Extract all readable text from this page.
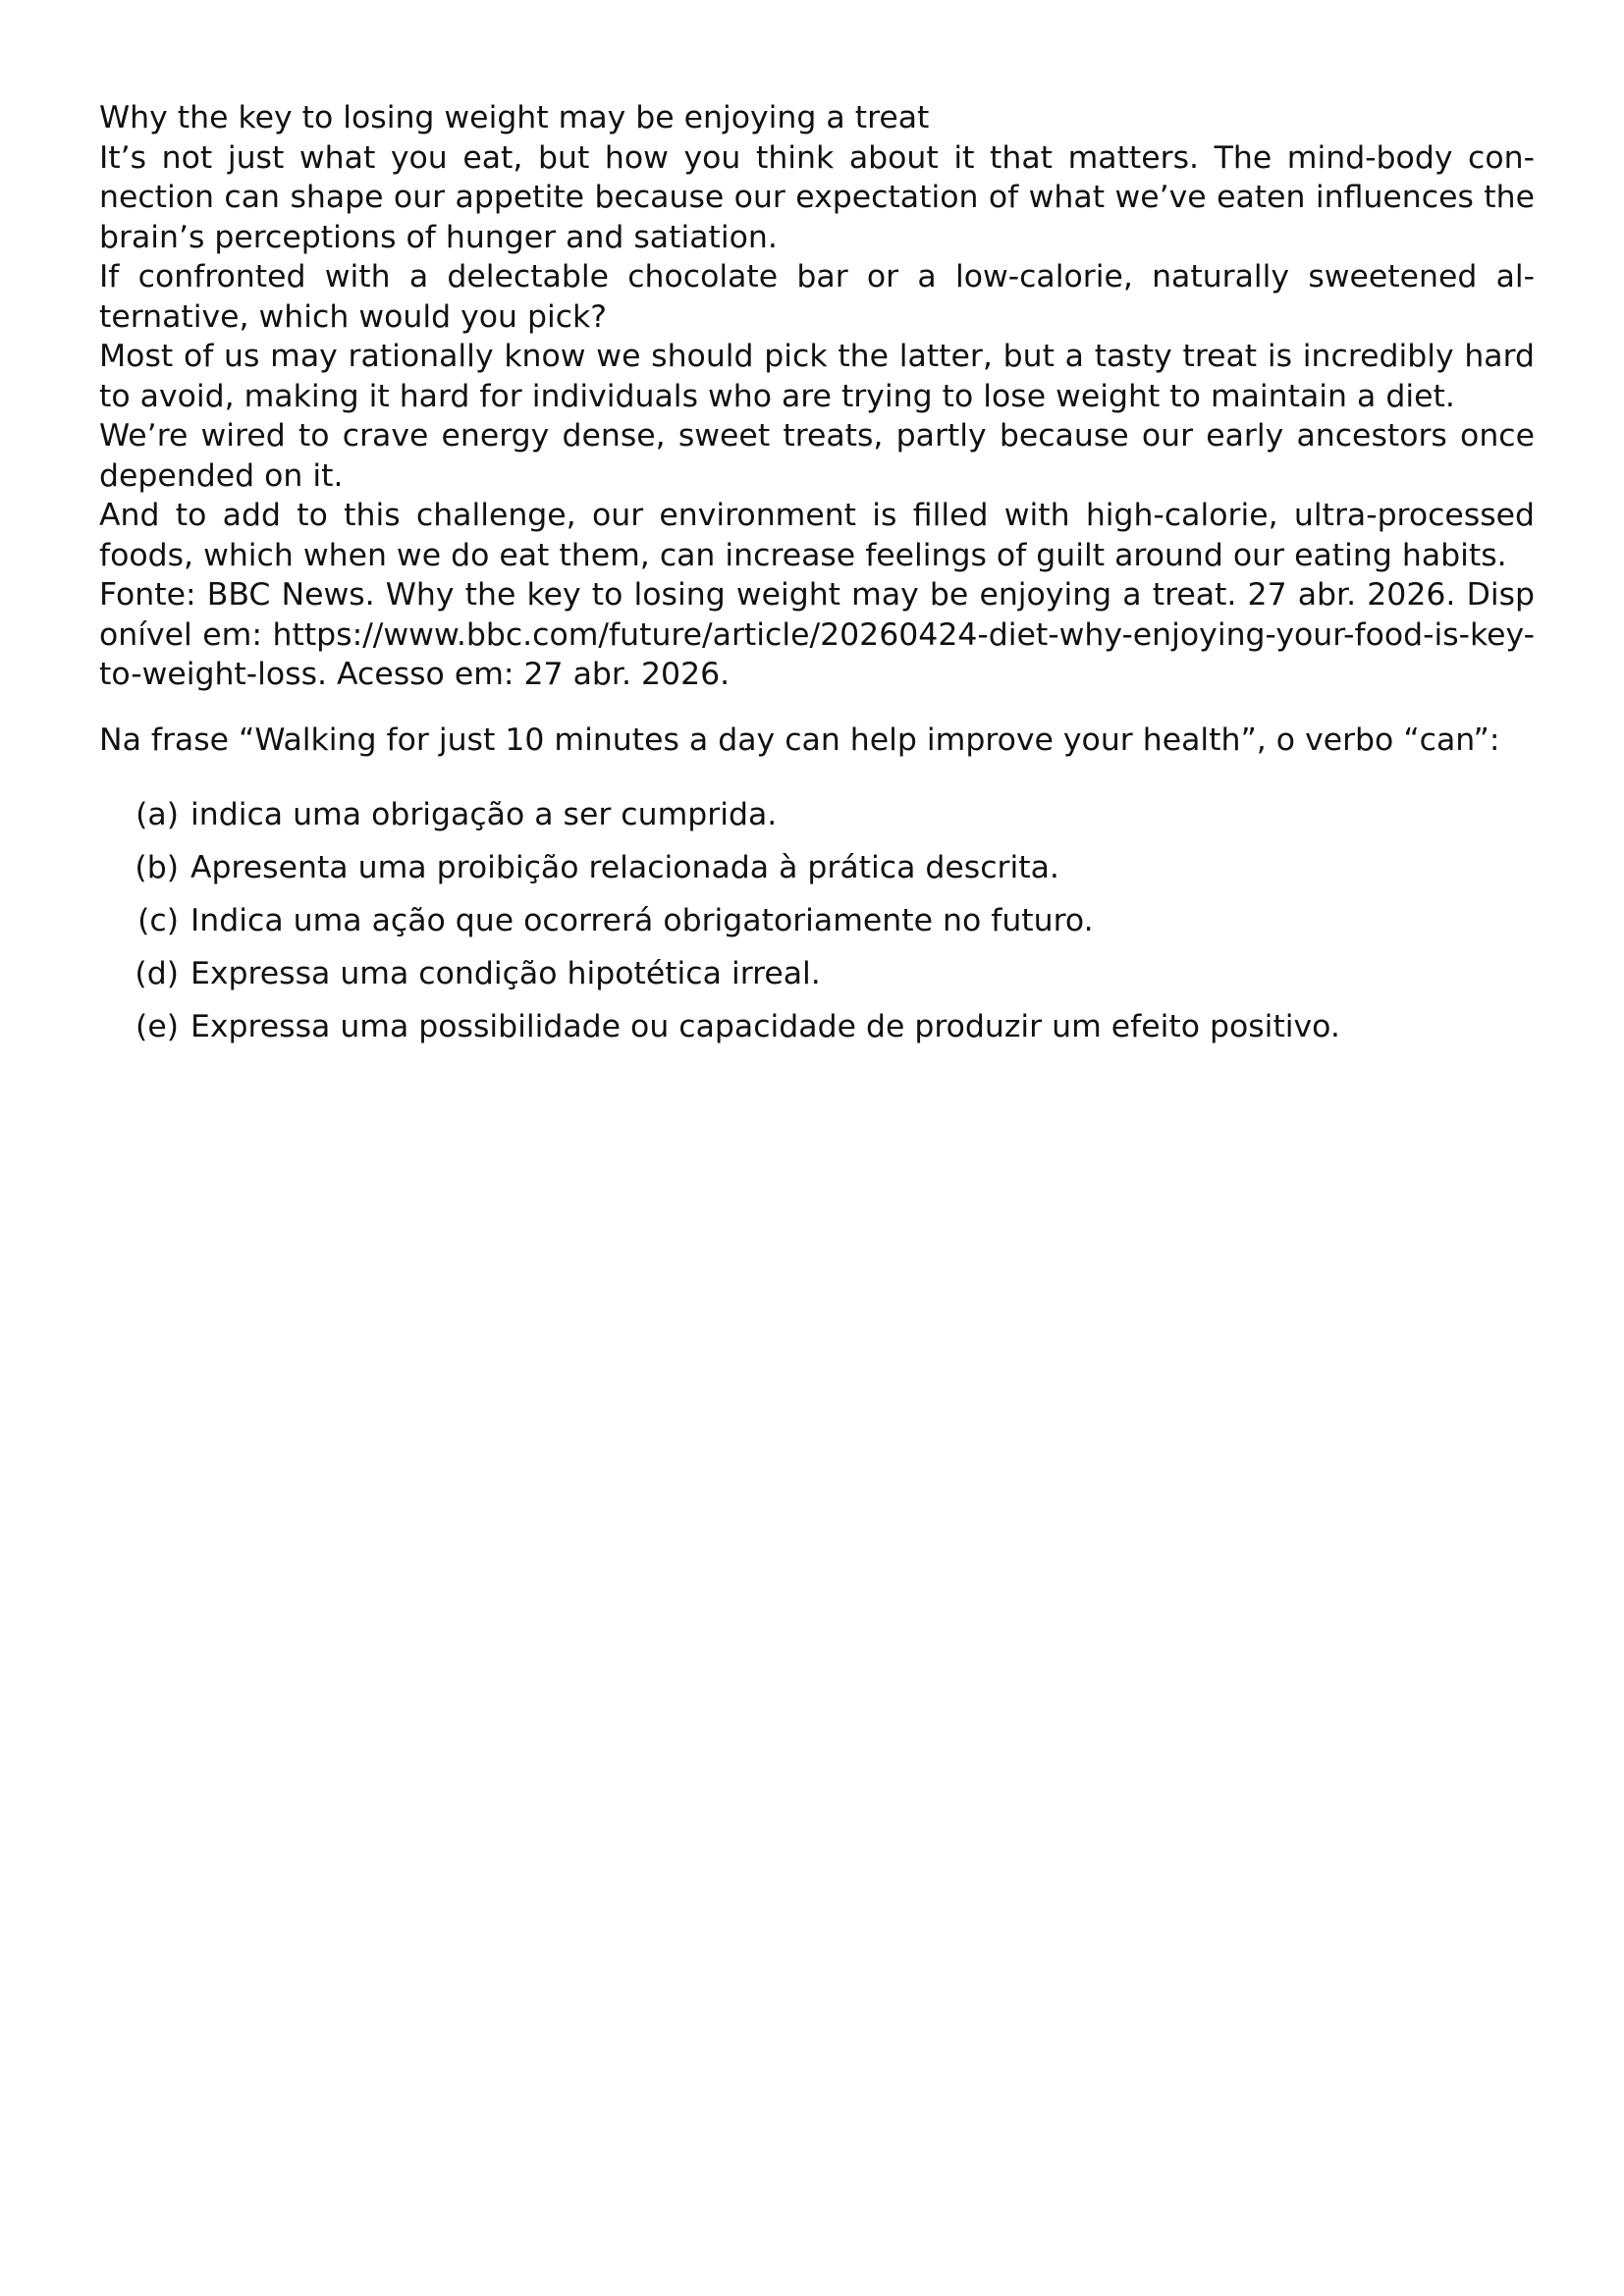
Why the key to losing weight may be enjoying a treat

It’s not just what you eat, but how you think about it that matters. The mind-body connection can shape our appetite because our expectation of what we’ve eaten influences the brain’s perceptions of hunger and satiation.

If confronted with a delectable chocolate bar or a low-calorie, naturally sweetened alternative, which would you pick?

Most of us may rationally know we should pick the latter, but a tasty treat is incredibly hard to avoid, making it hard for individuals who are trying to lose weight to maintain a diet.

We’re wired to crave energy dense, sweet treats, partly because our early ancestors once depended on it.

And to add to this challenge, our environment is filled with high-calorie, ultra-processed foods, which when we do eat them, can increase feelings of guilt around our eating habits.

Fonte: BBC News. Why the key to losing weight may be enjoying a treat. 27 abr. 2026. Disponível em: https://www.bbc.com/future/article/20260424-diet-why-enjoying-your-food-is-key-to-weight-loss. Acesso em: 27 abr. 2026.

Na frase “Walking for just 10 minutes a day can help improve your health”, o verbo “can”:

(a) indica uma obrigação a ser cumprida.
(b) Apresenta uma proibição relacionada à prática descrita.
(c) Indica uma ação que ocorrerá obrigatoriamente no futuro.
(d) Expressa uma condição hipotética irreal.
(e) Expressa uma possibilidade ou capacidade de produzir um efeito positivo.
